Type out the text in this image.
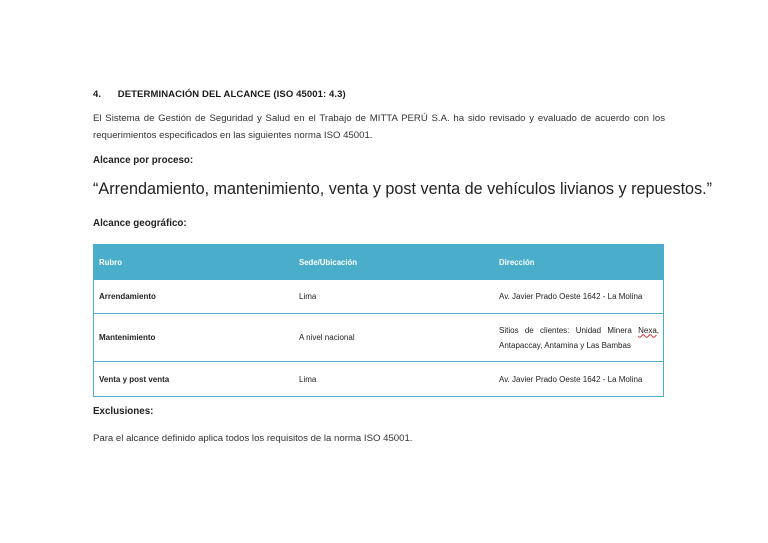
4. DETERMINACIÓN DEL ALCANCE (ISO 45001: 4.3)
El Sistema de Gestión de Seguridad y Salud en el Trabajo de MITTA PERÚ S.A. ha sido revisado y evaluado de acuerdo con los requerimientos especificados en las siguientes norma ISO 45001.
Alcance por proceso:
“Arrendamiento, mantenimiento, venta y post venta de vehículos livianos y repuestos.”
Alcance geográfico:
Rubro	Sede/Ubicación	Dirección
Arrendamiento	Lima	Av. Javier Prado Oeste 1642 - La Molina
Mantenimiento	A nivel nacional	Sitios de clientes: Unidad Minera Nexa, Antapaccay, Antamina y Las Bambas
Venta y post venta	Lima	Av. Javier Prado Oeste 1642 - La Molina
Exclusiones:
Para el alcance definido aplica todos los requisitos de la norma ISO 45001.
